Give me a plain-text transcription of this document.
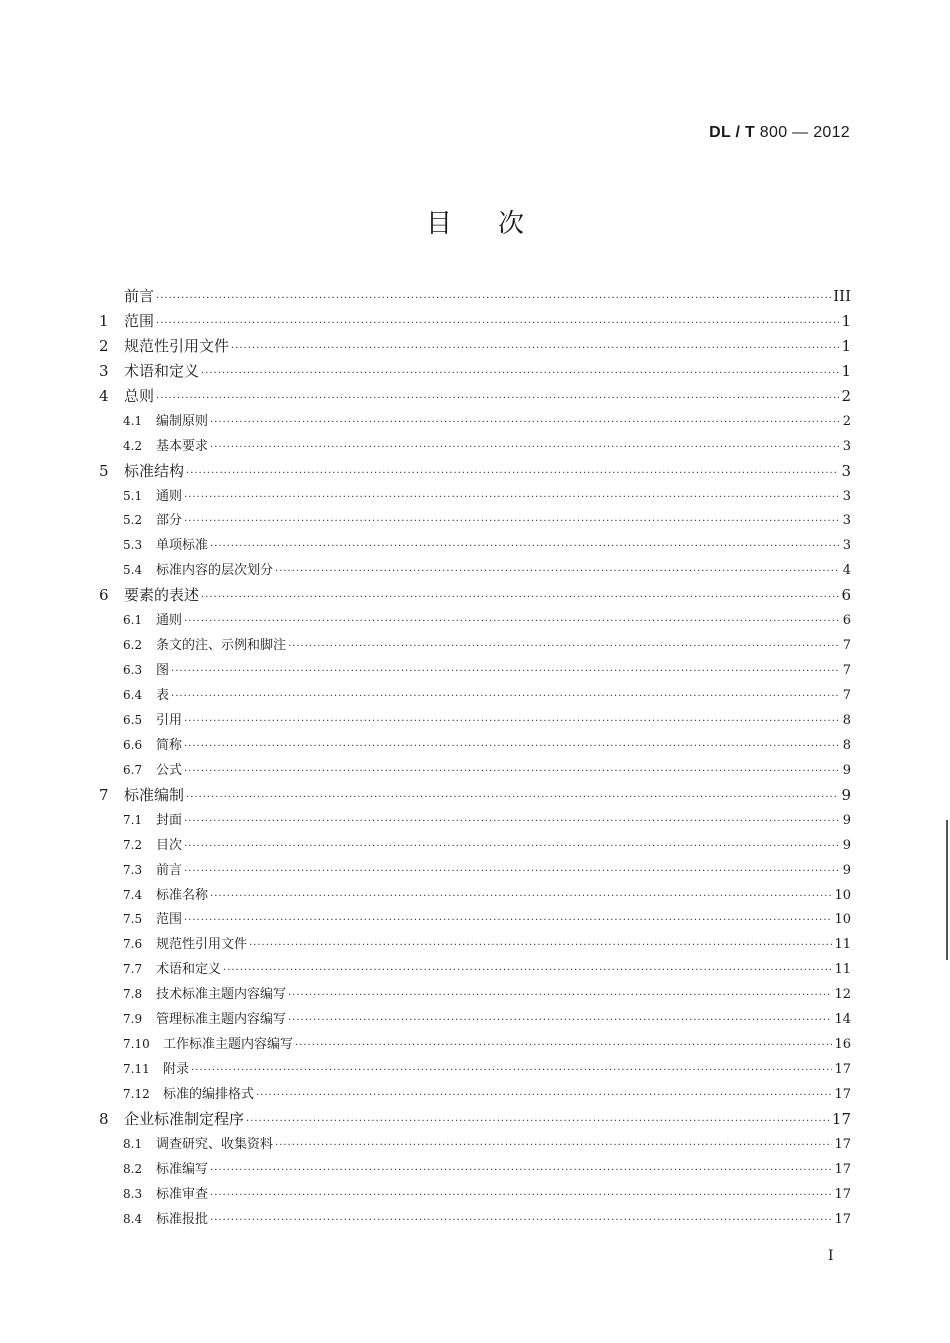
DL / T 800 — 2012
目次
前言 ·····	III
1	范围 ·····	1
2	规范性引用文件 ·····	1
3	术语和定义 ·····	1
4	总则 ·····	2
4.1	编制原则 ·····	2
4.2	基本要求 ·····	3
5	标准结构 ·····	3
5.1	通则 ·····	3
5.2	部分 ·····	3
5.3	单项标准 ·····	3
5.4	标准内容的层次划分 ·····	4
6	要素的表述 ·····	6
6.1	通则 ·····	6
6.2	条文的注、示例和脚注 ·····	7
6.3	图 ·····	7
6.4	表 ·····	7
6.5	引用 ·····	8
6.6	简称 ·····	8
6.7	公式 ·····	9
7	标准编制 ·····	9
7.1	封面 ·····	9
7.2	目次 ·····	9
7.3	前言 ·····	9
7.4	标准名称 ·····	10
7.5	范围 ·····	10
7.6	规范性引用文件 ·····	11
7.7	术语和定义 ·····	11
7.8	技术标准主题内容编写 ·····	12
7.9	管理标准主题内容编写 ·····	14
7.10	工作标准主题内容编写 ·····	16
7.11	附录 ·····	17
7.12	标准的编排格式 ·····	17
8	企业标准制定程序 ·····	17
8.1	调查研究、收集资料 ·····	17
8.2	标准编写 ·····	17
8.3	标准审查 ·····	17
8.4	标准报批 ·····	17
I
